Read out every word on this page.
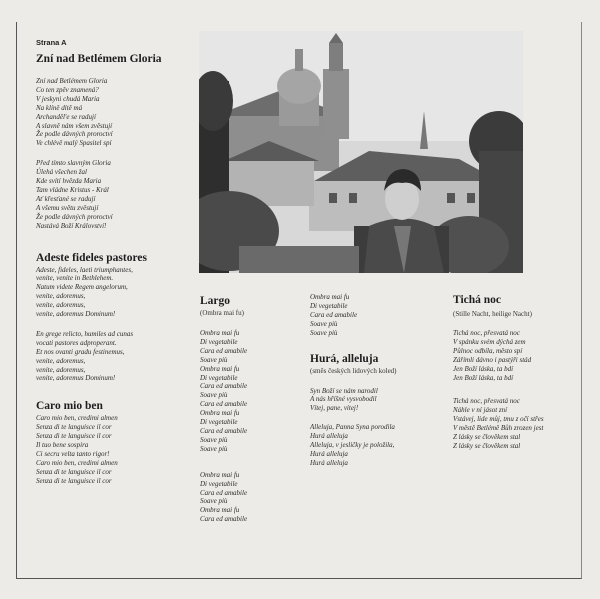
Strana A
Zní nad Betlémem Gloria
Zní nad Betlémem Gloria
Co ten zpěv znamená?
V jeskyni chudá Maria
Na klíně dítě má
Archanděl'e se radují
A slavně nám všem zvěstují
Že podle dávných proroctví
Ve chlévě malý Spasitel spí
Před tímto slavným Gloria
Úlehá všechen žal
Kde svítí hvězda Maria
Tam vládne Kristus - Král
Ať křesťané se radují
A všemu světu zvěstují
Že podle dávných proroctví
Nastává Boží Království!
Adeste fideles pastores
Adeste, fideles, laeti triumphantes,
venite, venite in Bethlehem.
Natum videte Regem angelorum,
venite, adoremus,
venite, adoremus,
venite, adoremus Dominum!
En grege relicto, humiles ad cunas
vocati pastores adproperant.
Et nos ovanti gradu festinemus,
venite, adoremus,
venite, adoremus,
venite, adoremus Dominum!
Caro mio ben
Caro mio ben, credimi almen
Senza di te languisce il cor
Senza di te languisce il cor
Il tuo bene sospira
Ci secru velta tanto rigor!
Caro mio ben, credimi almen
Senza di te languisce il cor
Senza di te languisce il cor
Largo

(Ombra mai fu)

Ombra mai fu
Di vegetabile
Cara ed amabile
Soave più
Ombra mai fu
Di vegetabile
Cara ed amabile
Soave più
Cara ed amabile
Ombra mai fu
Di vegetabile
Cara ed amabile
Soave più
Soave più
Ombra mai fu
Di vegetabile
Cara ed amabile
Soave più
Ombra mai fu
Cara ed amabile
Ombra mai fu
Di vegetabile
Cara ed amabile
Soave più
Soave più
Hurá, alleluja

(směs českých lidových koled)

Syn Boží se nám narodil
A nás hříšné vysvobodil
Vítej, pane, vítej!
Alleluja, Panna Syna porodila
Hurá alleluja
Alleluja, v jesličky je položila,
Hurá alleluja
Hurá alleluja
Tichá noc

(Stille Nacht, heilige Nacht)

Tichá noc, přesvatá noc
V spánku svém dýchá zem
Půlnoc odbíla, město spí
Zářímli dávno i pastýři stád
Jen Boží láska, ta bdí
Jen Boží láska, ta bdí
Tichá noc, přesvatá noc
Náhle v ní jásot zní
Vstávej, lide můj, tmu z očí střes
V městě Betlémě Bůh zrozen jest
Z lásky se člověkem stal
Z lásky se člověkem stal
